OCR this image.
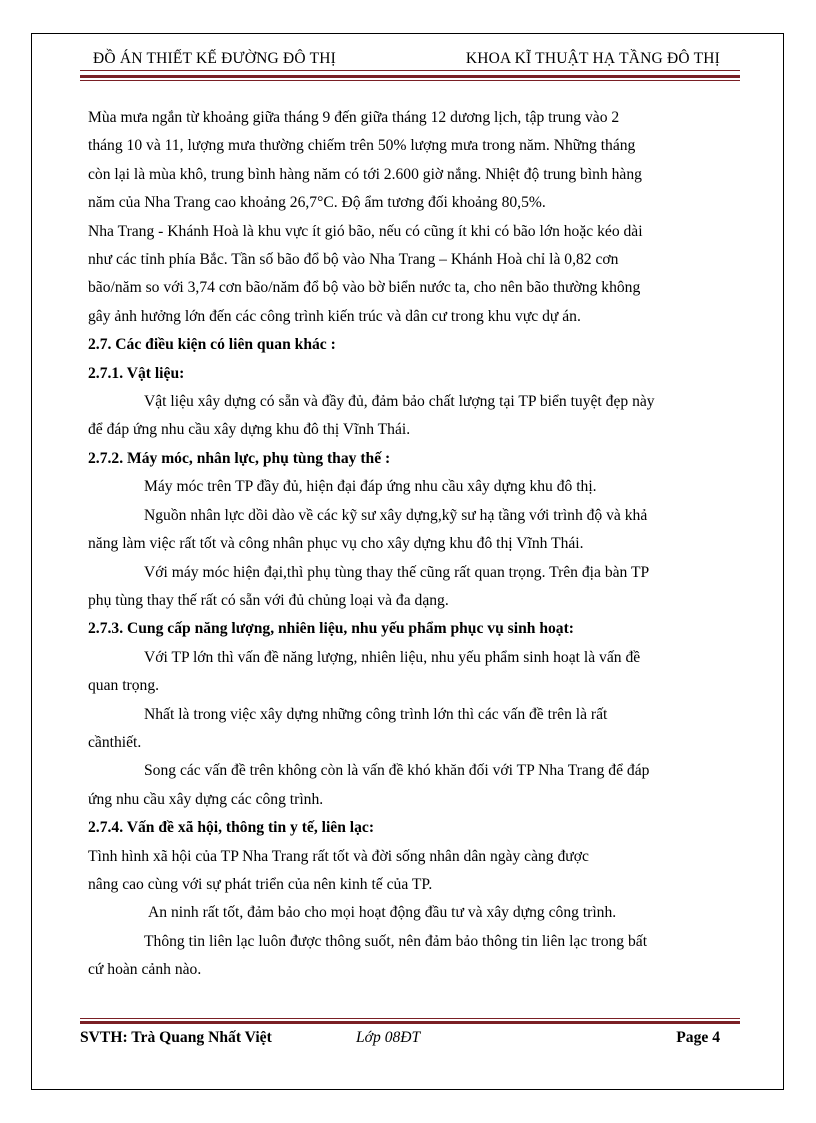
ĐỒ ÁN THIẾT KẾ ĐƯỜNG ĐÔ THỊ	KHOA KĨ THUẬT HẠ TẦNG ĐÔ THỊ

Mùa mưa ngắn từ khoảng giữa tháng 9 đến giữa tháng 12 dương lịch, tập trung vào 2

tháng 10 và 11, lượng mưa thường chiếm trên 50% lượng mưa trong năm. Những tháng

còn lại là mùa khô, trung bình hàng năm có tới 2.600 giờ nắng. Nhiệt độ trung bình hàng

năm của Nha Trang cao khoảng 26,7°C. Độ ẩm tương đối khoảng 80,5%.

Nha Trang - Khánh Hoà là khu vực ít gió bão, nếu có cũng ít khi có bão lớn hoặc kéo dài

như các tỉnh phía Bắc. Tần số bão đổ bộ vào Nha Trang – Khánh Hoà chỉ là 0,82 cơn

bão/năm so với 3,74 cơn bão/năm đổ bộ vào bờ biển nước ta, cho nên bão thường không

gây ảnh hưởng lớn đến các công trình kiến trúc và dân cư trong khu vực dự án.

2.7. Các điều kiện có liên quan khác :

2.7.1. Vật liệu:

Vật liệu xây dựng có sẵn và đầy đủ, đảm bảo chất lượng tại TP biển tuyệt đẹp này

để đáp ứng nhu cầu xây dựng khu đô thị Vĩnh Thái.

2.7.2. Máy móc, nhân lực, phụ tùng thay thế :

Máy móc trên TP đầy đủ, hiện đại đáp ứng nhu cầu xây dựng khu đô thị.

Nguồn nhân lực dồi dào về các kỹ sư xây dựng,kỹ sư hạ tầng với trình độ và khả

năng làm việc rất tốt và công nhân phục vụ cho xây dựng khu đô thị Vĩnh Thái.

Với máy móc hiện đại,thì phụ tùng thay thế cũng rất quan trọng. Trên địa bàn TP

phụ tùng thay thế rất có sẵn với đủ chủng loại và đa dạng.

2.7.3. Cung cấp năng lượng, nhiên liệu, nhu yếu phẩm phục vụ sinh hoạt:

Với TP lớn thì vấn đề năng lượng, nhiên liệu, nhu yếu phẩm sinh hoạt là vấn đề

quan trọng.

Nhất là trong việc xây dựng những công trình lớn thì các vấn đề trên là rất

cầnthiết.

Song các vấn đề trên không còn là vấn đề khó khăn đối với TP Nha Trang để đáp

ứng nhu cầu xây dựng các công trình.

2.7.4. Vấn đề xã hội, thông tin y tế, liên lạc:

Tình hình xã hội của TP Nha Trang rất tốt và đời sống nhân dân ngày càng được

nâng cao cùng với sự phát triển của nên kinh tế của TP.

An ninh rất tốt, đảm bảo cho mọi hoạt động đầu tư và xây dựng công trình.

Thông tin liên lạc luôn được thông suốt, nên đảm bảo thông tin liên lạc trong bất

cứ hoàn cảnh nào.

SVTH: Trà Quang Nhất Việt	Lớp 08ĐT	Page 4
